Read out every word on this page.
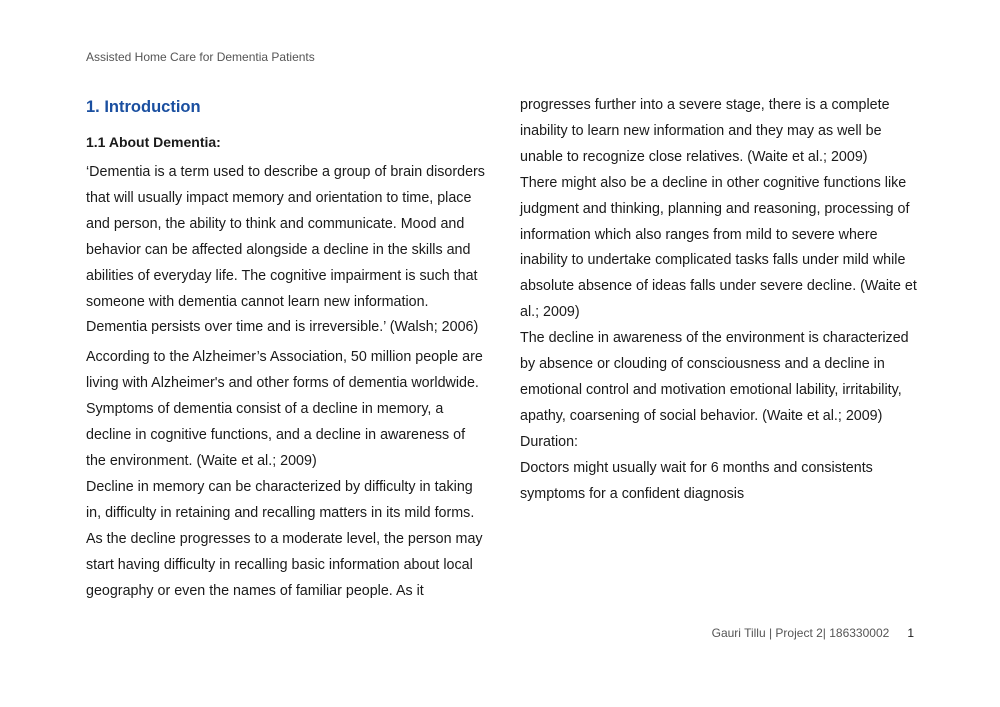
Assisted Home Care for Dementia Patients
1. Introduction
1.1 About Dementia:

‘Dementia is a term used to describe a group of brain disorders that will usually impact memory and orientation to time, place and person, the ability to think and communicate. Mood and behavior can be affected alongside a decline in the skills and abilities of everyday life. The cognitive impairment is such that someone with dementia cannot learn new information. Dementia persists over time and is irreversible.’ (Walsh; 2006)

According to the Alzheimer’s Association, 50 million people are living with Alzheimer's and other forms of dementia worldwide. Symptoms of dementia consist of a decline in memory, a decline in cognitive functions, and a decline in awareness of the environment. (Waite et al.; 2009)

Decline in memory can be characterized by difficulty in taking in, difficulty in retaining and recalling matters in its mild forms. As the decline progresses to a moderate level, the person may start having difficulty in recalling basic information about local geography or even the names of familiar people. As it

progresses further into a severe stage, there is a complete inability to learn new information and they may as well be unable to recognize close relatives. (Waite et al.; 2009)

There might also be a decline in other cognitive functions like judgment and thinking, planning and reasoning, processing of information which also ranges from mild to severe where inability to undertake complicated tasks falls under mild while absolute absence of ideas falls under severe decline. (Waite et al.; 2009)

The decline in awareness of the environment is characterized by absence or clouding of consciousness and a decline in emotional control and motivation emotional lability, irritability, apathy, coarsening of social behavior. (Waite et al.; 2009)

Duration:

Doctors might usually wait for 6 months and consistents symptoms for a confident diagnosis

Gauri Tillu | Project 2| 186330002 1
